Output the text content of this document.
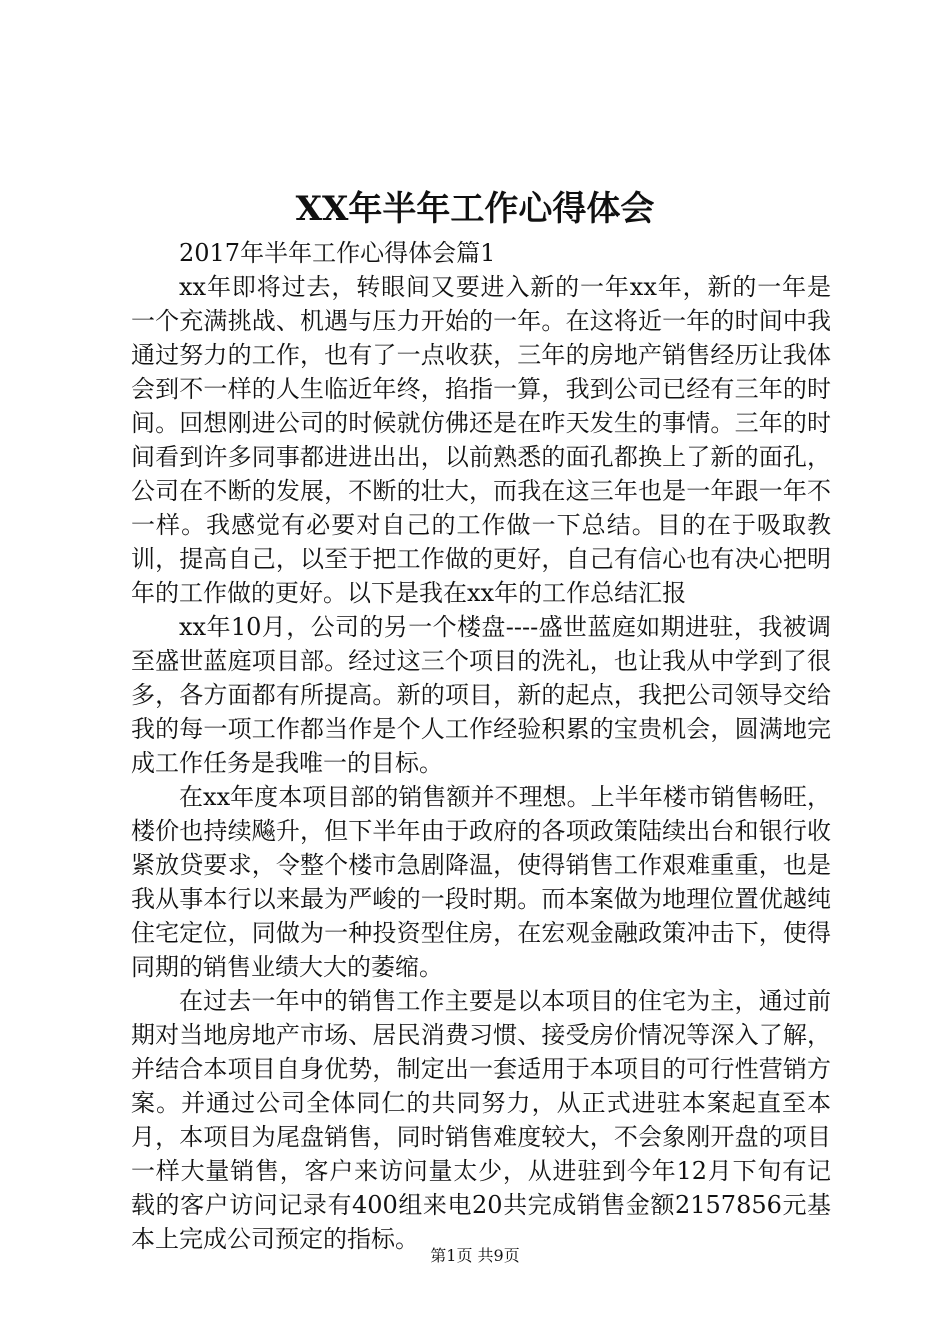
XX年半年工作心得体会

2017年半年工作心得体会篇1

xx年即将过去，转眼间又要进入新的一年xx年，新的一年是一个充满挑战、机遇与压力开始的一年。在这将近一年的时间中我通过努力的工作，也有了一点收获，三年的房地产销售经历让我体会到不一样的人生临近年终，掐指一算，我到公司已经有三年的时间。回想刚进公司的时候就仿佛还是在昨天发生的事情。三年的时间看到许多同事都进进出出，以前熟悉的面孔都换上了新的面孔，公司在不断的发展，不断的壮大，而我在这三年也是一年跟一年不一样。我感觉有必要对自己的工作做一下总结。目的在于吸取教训，提高自己，以至于把工作做的更好，自己有信心也有决心把明年的工作做的更好。以下是我在xx年的工作总结汇报

xx年10月，公司的另一个楼盘----盛世蓝庭如期进驻，我被调至盛世蓝庭项目部。经过这三个项目的洗礼，也让我从中学到了很多，各方面都有所提高。新的项目，新的起点，我把公司领导交给我的每一项工作都当作是个人工作经验积累的宝贵机会，圆满地完成工作任务是我唯一的目标。

在xx年度本项目部的销售额并不理想。上半年楼市销售畅旺，楼价也持续飚升，但下半年由于政府的各项政策陆续出台和银行收紧放贷要求，令整个楼市急剧降温，使得销售工作艰难重重，也是我从事本行以来最为严峻的一段时期。而本案做为地理位置优越纯住宅定位，同做为一种投资型住房，在宏观金融政策冲击下，使得同期的销售业绩大大的萎缩。

在过去一年中的销售工作主要是以本项目的住宅为主，通过前期对当地房地产市场、居民消费习惯、接受房价情况等深入了解，并结合本项目自身优势，制定出一套适用于本项目的可行性营销方案。并通过公司全体同仁的共同努力，从正式进驻本案起直至本月，本项目为尾盘销售，同时销售难度较大，不会象刚开盘的项目一样大量销售，客户来访问量太少，从进驻到今年12月下旬有记载的客户访问记录有400组来电20共完成销售金额2157856元基本上完成公司预定的指标。

第1页 共9页
